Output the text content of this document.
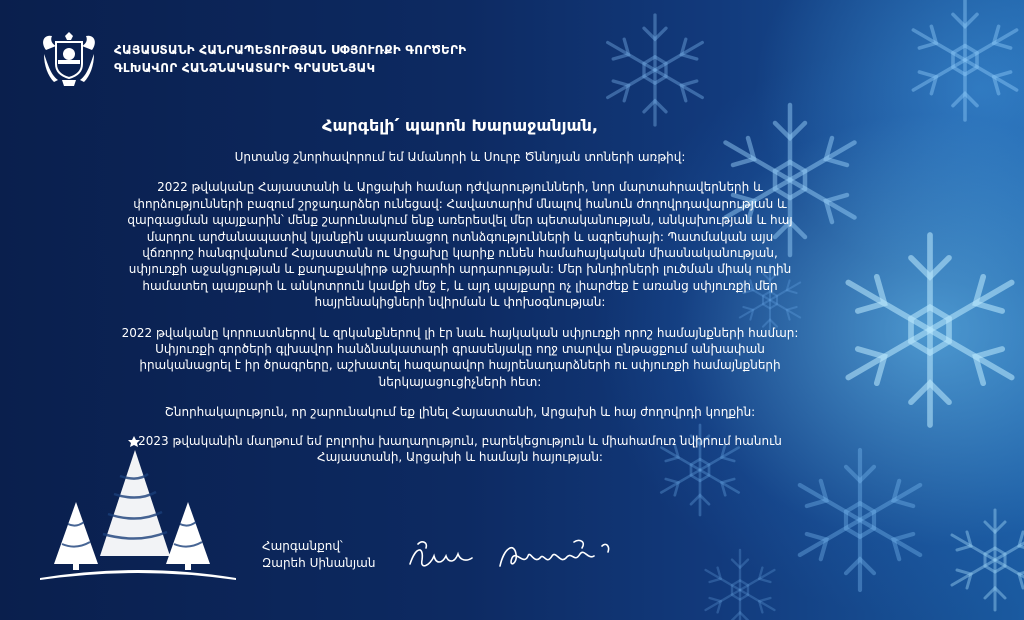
ՀԱՅԱՍՏԱՆԻ ՀԱՆՐԱՊԵՏՈՒԹՅԱՆ ՍՓՅՈՒՌՔԻ ԳՈՐԾԵՐԻ
ԳԼԽԱՎՈՐ ՀԱՆՁՆԱԿԱՏԱՐԻ ԳՐԱՍԵՆՅԱԿ
Հարգելի՛ պարոն Խարաջանյան,

Սրտանց շնորհավորում եմ Ամանորի և Սուրբ Ծննդյան տոների առթիվ:

2022 թվականը Հայաստանի և Արցախի համար դժվարությունների, նոր մարտահրավերների և փորձությունների բազում շրջադարձեր ունեցավ: Հավատարիմ մնալով հանուն ժողովրդավարության և զարգացման պայքարին՝ մենք շարունակում ենք առերեսվել մեր պետականության, անկախության և հայ մարդու արժանապատիվ կյանքին սպառնացող ոտնձգությունների և ագրեսիայի: Պատմական այս վճռորոշ հանգրվանում Հայաստանն ու Արցախը կարիք ունեն համահայկական միասնականության, սփյուռքի աջակցության և քաղաքակիրթ աշխարհի արդարության: Մեր խնդիրների լուծման միակ ուղին համատեղ պայքարի և անկոտրուն կամքի մեջ է, և այդ պայքարը ոչ լիարժեք է առանց սփյուռքի մեր հայրենակիցների նվիրման և փոխօգնության:

2022 թվականը կորուստներով և զրկանքներով լի էր նաև հայկական սփյուռքի որոշ համայնքների համար: Սփյուռքի գործերի գլխավոր հանձնակատարի գրասենյակը ողջ տարվա ընթացքում անխափան իրականացրել է իր ծրագրերը, աշխատել հազարավոր հայրենադարձների ու սփյուռքի համայնքների ներկայացուցիչների հետ:

Շնորհակալություն, որ շարունակում եք լինել Հայաստանի, Արցախի և հայ ժողովրդի կողքին:

2023 թվականին մաղթում եմ բոլորիս խաղաղություն, բարեկեցություն և միահամուռ նվիրում հանուն Հայաստանի, Արցախի և համայն հայության:

Հարգանքով՝
Զարեհ Սինանյան
